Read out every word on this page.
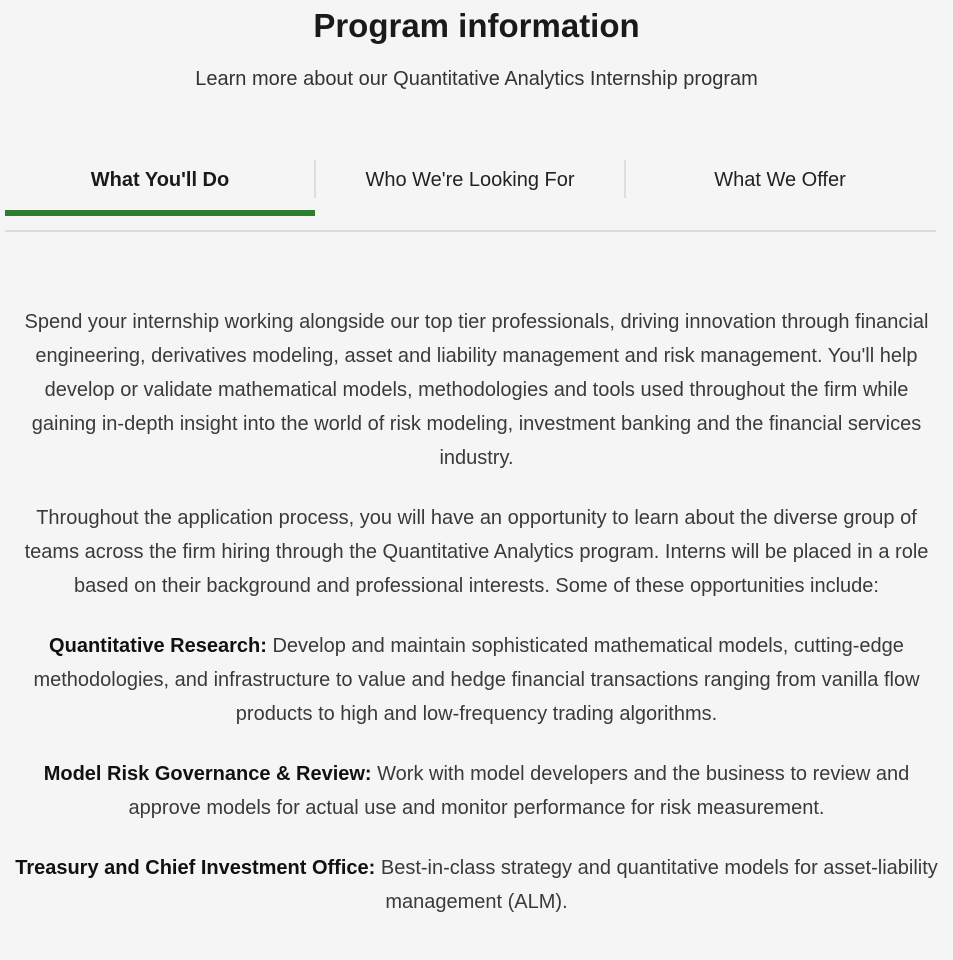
Program information

Learn more about our Quantitative Analytics Internship program

What You'll Do	Who We're Looking For	What We Offer

Spend your internship working alongside our top tier professionals, driving innovation through financial engineering, derivatives modeling, asset and liability management and risk management. You'll help develop or validate mathematical models, methodologies and tools used throughout the firm while gaining in-depth insight into the world of risk modeling, investment banking and the financial services industry.

Throughout the application process, you will have an opportunity to learn about the diverse group of teams across the firm hiring through the Quantitative Analytics program. Interns will be placed in a role based on their background and professional interests. Some of these opportunities include:

Quantitative Research: Develop and maintain sophisticated mathematical models, cutting-edge methodologies, and infrastructure to value and hedge financial transactions ranging from vanilla flow products to high and low-frequency trading algorithms.

Model Risk Governance & Review: Work with model developers and the business to review and approve models for actual use and monitor performance for risk measurement.

Treasury and Chief Investment Office: Best-in-class strategy and quantitative models for asset-liability management (ALM).
